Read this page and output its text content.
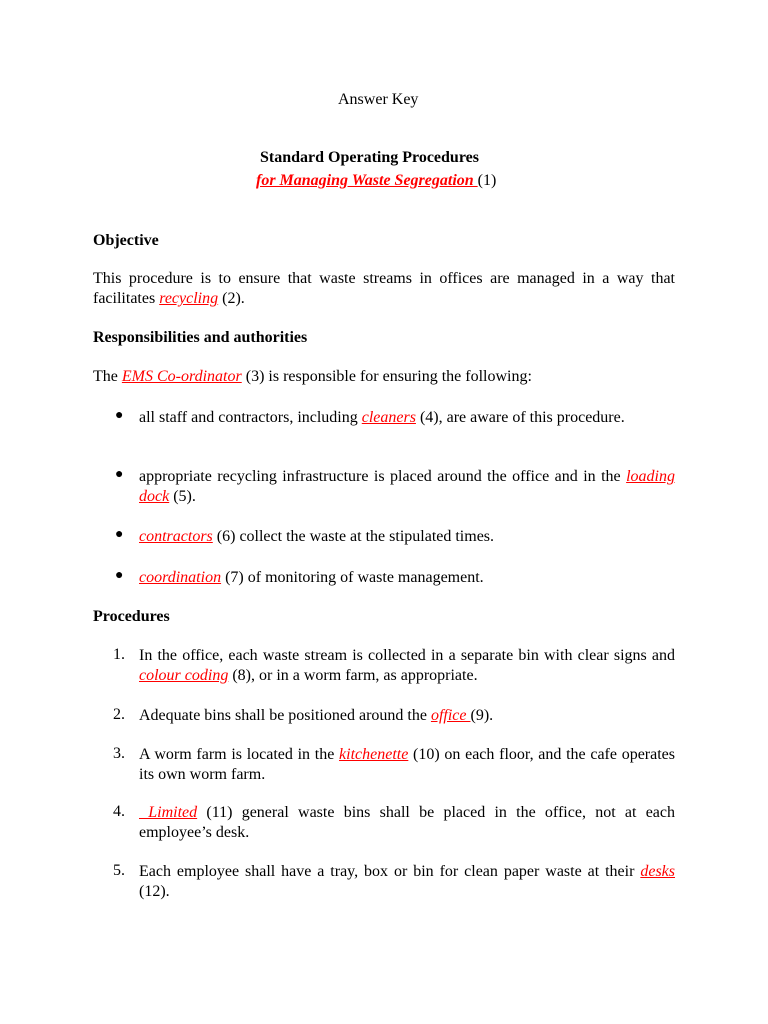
Answer Key
Standard Operating Procedures
for Managing Waste Segregation (1)
Objective
This procedure is to ensure that waste streams in offices are managed in a way that facilitates recycling (2).
Responsibilities and authorities
The EMS Co-ordinator (3) is responsible for ensuring the following:
● all staff and contractors, including cleaners (4), are aware of this procedure.
● appropriate recycling infrastructure is placed around the office and in the loading dock (5).
● contractors (6) collect the waste at the stipulated times.
● coordination (7) of monitoring of waste management.
Procedures
1. In the office, each waste stream is collected in a separate bin with clear signs and colour coding (8), or in a worm farm, as appropriate.
2. Adequate bins shall be positioned around the office (9).
3. A worm farm is located in the kitchenette (10) on each floor, and the cafe operates its own worm farm.
4. Limited (11) general waste bins shall be placed in the office, not at each employee’s desk.
5. Each employee shall have a tray, box or bin for clean paper waste at their desks (12).
